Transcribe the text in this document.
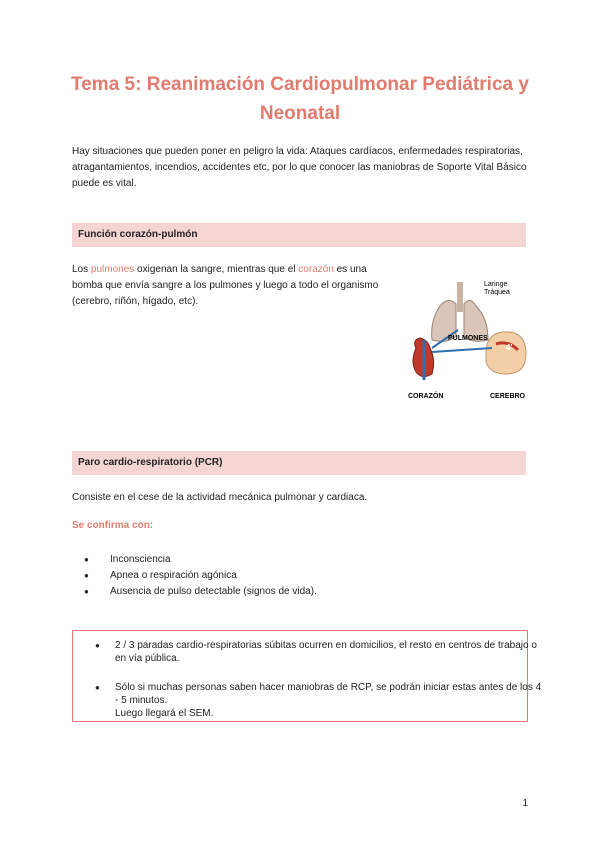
Tema 5: Reanimación Cardiopulmonar Pediátrica y Neonatal
Hay situaciones que pueden poner en peligro la vida: Ataques cardíacos, enfermedades respiratorias, atragantamientos, incendios, accidentes etc, por lo que conocer las maniobras de Soporte Vital Básico puede es vital.
Función corazón-pulmón
Los pulmones oxigenan la sangre, mientras que el corazón es una bomba que envía sangre a los pulmones y luego a todo el organismo (cerebro, riñón, hígado, etc).
Laringe
Tráquea
PULMONES
4'
CORAZÓN	CEREBRO
Paro cardio-respiratorio (PCR)
Consiste en el cese de la actividad mecánica pulmonar y cardiaca.
Se confirma con:
● Inconsciencia
● Apnea o respiración agónica
● Ausencia de pulso detectable (signos de vida).
● 2 / 3 paradas cardio-respiratorias súbitas ocurren en domicilios, el resto en centros de trabajo o en vía pública.
● Sólo si muchas personas saben hacer maniobras de RCP, se podrán iniciar estas antes de los 4 - 5 minutos.
Luego llegará el SEM.
1
